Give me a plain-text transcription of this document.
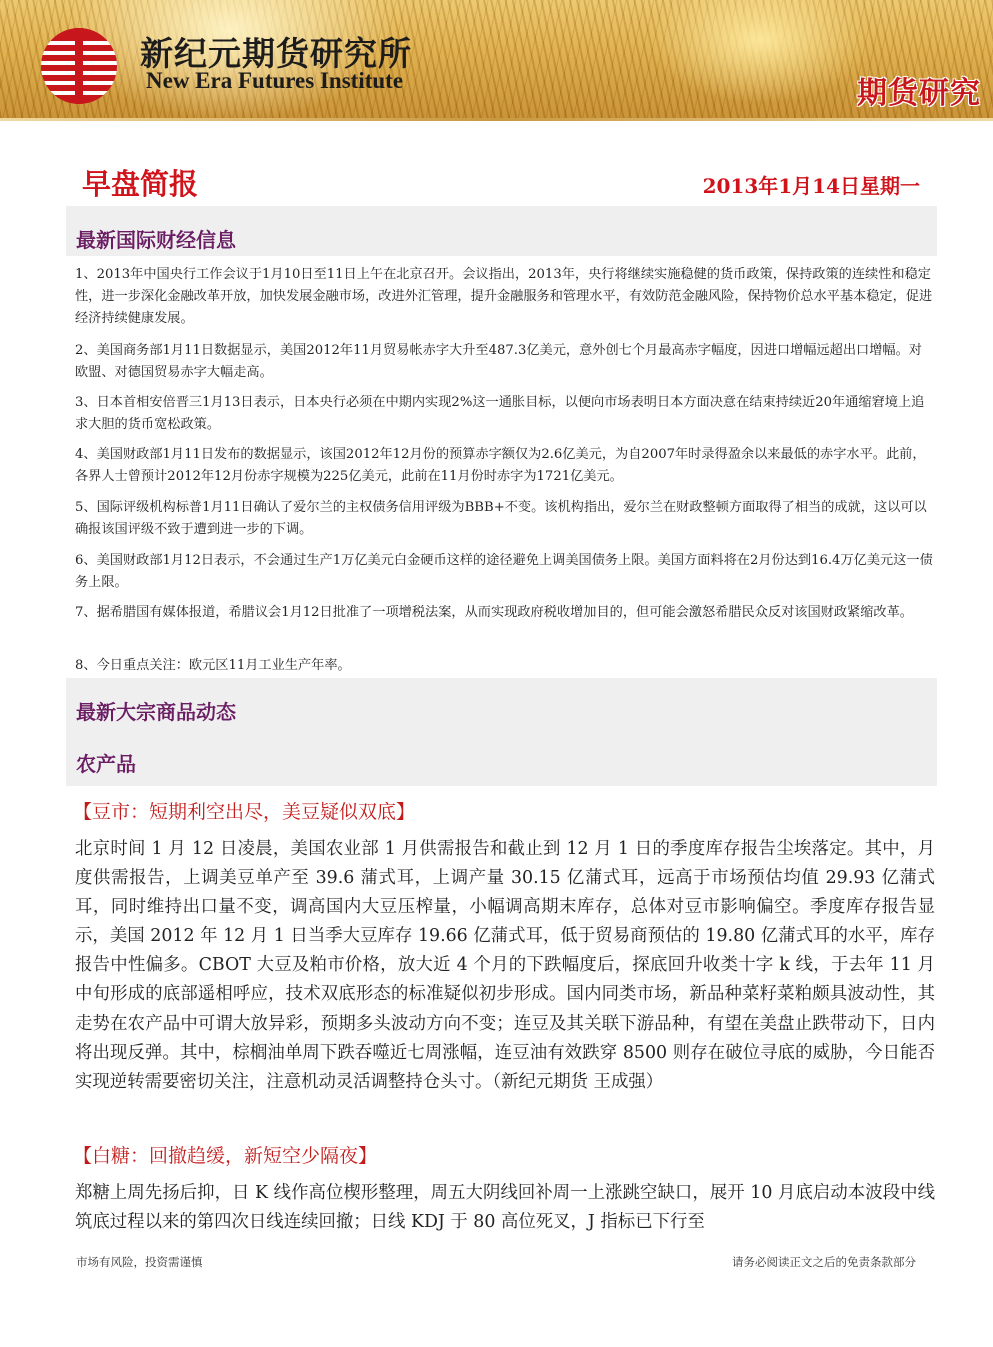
新纪元期货研究所
New Era Futures Institute	期货研究
早盘简报	2013年1月14日星期一
最新国际财经信息
1、2013年中国央行工作会议于1月10日至11日上午在北京召开。会议指出，2013年，央行将继续实施稳健的货币政策，保持政策的连续性和稳定性，进一步深化金融改革开放，加快发展金融市场，改进外汇管理，提升金融服务和管理水平，有效防范金融风险，保持物价总水平基本稳定，促进经济持续健康发展。
2、美国商务部1月11日数据显示，美国2012年11月贸易帐赤字大升至487.3亿美元，意外创七个月最高赤字幅度，因进口增幅远超出口增幅。对欧盟、对德国贸易赤字大幅走高。
3、日本首相安倍晋三1月13日表示，日本央行必须在中期内实现2%这一通胀目标，以便向市场表明日本方面决意在结束持续近20年通缩窘境上追求大胆的货币宽松政策。
4、美国财政部1月11日发布的数据显示，该国2012年12月份的预算赤字额仅为2.6亿美元，为自2007年时录得盈余以来最低的赤字水平。此前，各界人士曾预计2012年12月份赤字规模为225亿美元，此前在11月份时赤字为1721亿美元。
5、国际评级机构标普1月11日确认了爱尔兰的主权债务信用评级为BBB+不变。该机构指出，爱尔兰在财政整顿方面取得了相当的成就，这以可以确报该国评级不致于遭到进一步的下调。
6、美国财政部1月12日表示，不会通过生产1万亿美元白金硬币这样的途径避免上调美国债务上限。美国方面料将在2月份达到16.4万亿美元这一债务上限。
7、据希腊国有媒体报道，希腊议会1月12日批准了一项增税法案，从而实现政府税收增加目的，但可能会激怒希腊民众反对该国财政紧缩改革。
8、今日重点关注：欧元区11月工业生产年率。
最新大宗商品动态
农产品
【豆市：短期利空出尽，美豆疑似双底】
北京时间 1 月 12 日凌晨，美国农业部 1 月供需报告和截止到 12 月 1 日的季度库存报告尘埃落定。其中，月度供需报告，上调美豆单产至 39.6 蒲式耳，上调产量 30.15 亿蒲式耳，远高于市场预估均值 29.93 亿蒲式耳，同时维持出口量不变，调高国内大豆压榨量，小幅调高期末库存，总体对豆市影响偏空。季度库存报告显示，美国 2012 年 12 月 1 日当季大豆库存 19.66 亿蒲式耳，低于贸易商预估的 19.80 亿蒲式耳的水平，库存报告中性偏多。CBOT 大豆及粕市价格，放大近 4 个月的下跌幅度后，探底回升收类十字 k 线，于去年 11 月中旬形成的底部遥相呼应，技术双底形态的标准疑似初步形成。国内同类市场，新品种菜籽菜粕颇具波动性，其走势在农产品中可谓大放异彩，预期多头波动方向不变；连豆及其关联下游品种，有望在美盘止跌带动下，日内将出现反弹。其中，棕榈油单周下跌吞噬近七周涨幅，连豆油有效跌穿 8500 则存在破位寻底的威胁，今日能否实现逆转需要密切关注，注意机动灵活调整持仓头寸。（新纪元期货 王成强）
【白糖：回撤趋缓，新短空少隔夜】
郑糖上周先扬后抑，日 K 线作高位楔形整理，周五大阴线回补周一上涨跳空缺口，展开 10 月底启动本波段中线筑底过程以来的第四次日线连续回撤；日线 KDJ 于 80 高位死叉，J 指标已下行至
市场有风险，投资需谨慎	请务必阅读正文之后的免责条款部分
